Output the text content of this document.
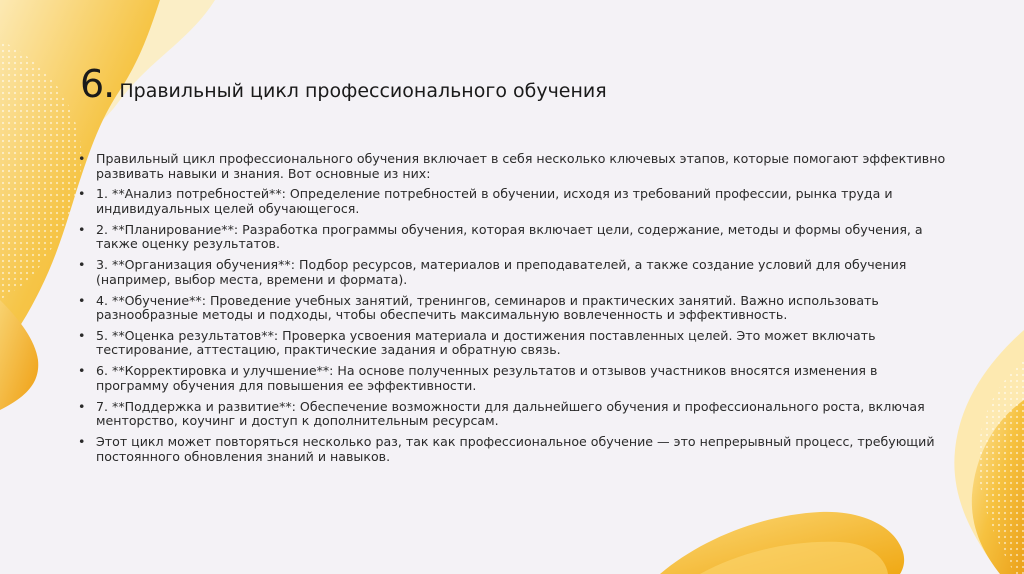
6. Правильный цикл профессионального обучения
• Правильный цикл профессионального обучения включает в себя несколько ключевых этапов, которые помогают эффективно развивать навыки и знания. Вот основные из них:
• 1. **Анализ потребностей**: Определение потребностей в обучении, исходя из требований профессии, рынка труда и индивидуальных целей обучающегося.
• 2. **Планирование**: Разработка программы обучения, которая включает цели, содержание, методы и формы обучения, а также оценку результатов.
• 3. **Организация обучения**: Подбор ресурсов, материалов и преподавателей, а также создание условий для обучения (например, выбор места, времени и формата).
• 4. **Обучение**: Проведение учебных занятий, тренингов, семинаров и практических занятий. Важно использовать разнообразные методы и подходы, чтобы обеспечить максимальную вовлеченность и эффективность.
• 5. **Оценка результатов**: Проверка усвоения материала и достижения поставленных целей. Это может включать тестирование, аттестацию, практические задания и обратную связь.
• 6. **Корректировка и улучшение**: На основе полученных результатов и отзывов участников вносятся изменения в программу обучения для повышения ее эффективности.
• 7. **Поддержка и развитие**: Обеспечение возможности для дальнейшего обучения и профессионального роста, включая менторство, коучинг и доступ к дополнительным ресурсам.
• Этот цикл может повторяться несколько раз, так как профессиональное обучение — это непрерывный процесс, требующий постоянного обновления знаний и навыков.
